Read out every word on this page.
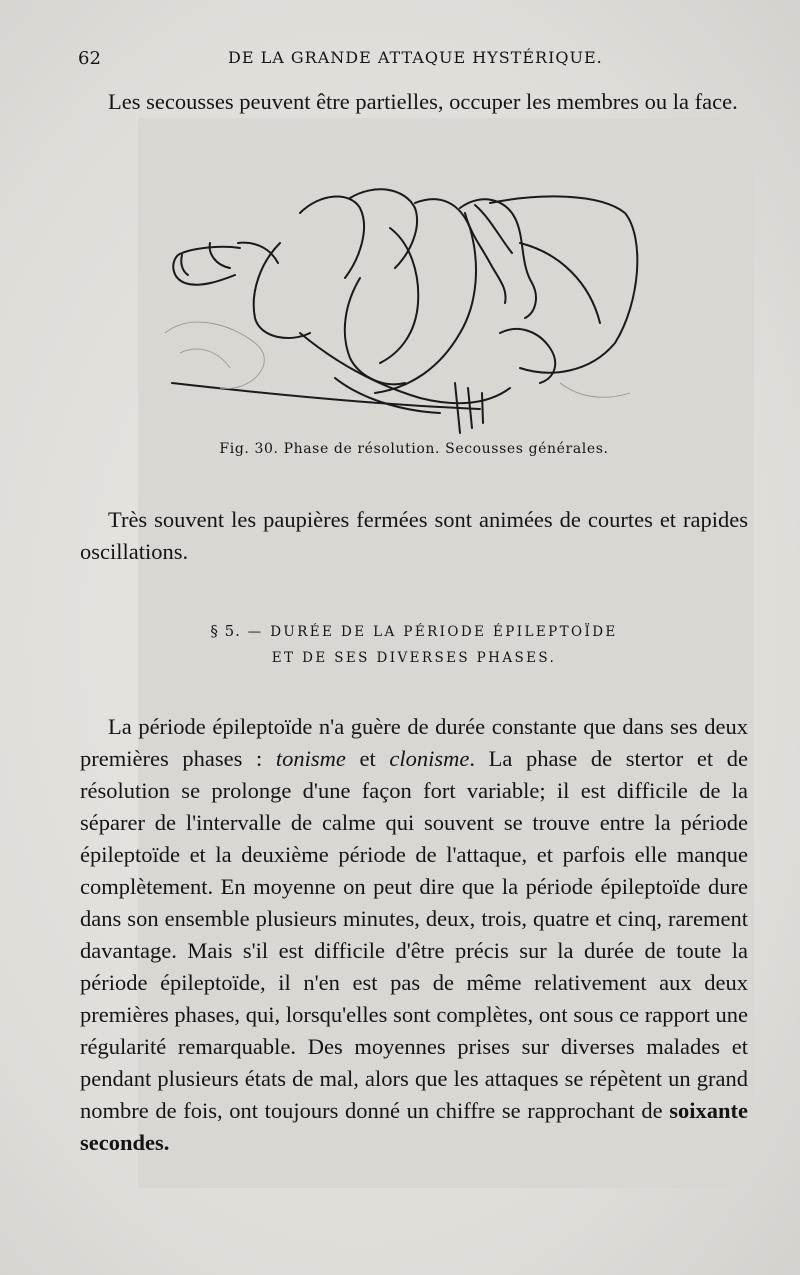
62	DE LA GRANDE ATTAQUE HYSTÉRIQUE.

Les secousses peuvent être partielles, occuper les membres ou la face.

Fig. 30. Phase de résolution. Secousses générales.

Très souvent les paupières fermées sont animées de courtes et rapides oscillations.

§ 5. — DURÉE DE LA PÉRIODE ÉPILEPTOÏDE
ET DE SES DIVERSES PHASES.

La période épileptoïde n'a guère de durée constante que dans ses deux premières phases : tonisme et clonisme. La phase de stertor et de résolution se prolonge d'une façon fort variable; il est difficile de la séparer de l'intervalle de calme qui souvent se trouve entre la période épileptoïde et la deuxième période de l'attaque, et parfois elle manque complètement. En moyenne on peut dire que la période épileptoïde dure dans son ensemble plusieurs minutes, deux, trois, quatre et cinq, rarement davantage. Mais s'il est difficile d'être précis sur la durée de toute la période épileptoïde, il n'en est pas de même relativement aux deux premières phases, qui, lorsqu'elles sont complètes, ont sous ce rapport une régularité remarquable. Des moyennes prises sur diverses malades et pendant plusieurs états de mal, alors que les attaques se répètent un grand nombre de fois, ont toujours donné un chiffre se rapprochant de soixante secondes.
